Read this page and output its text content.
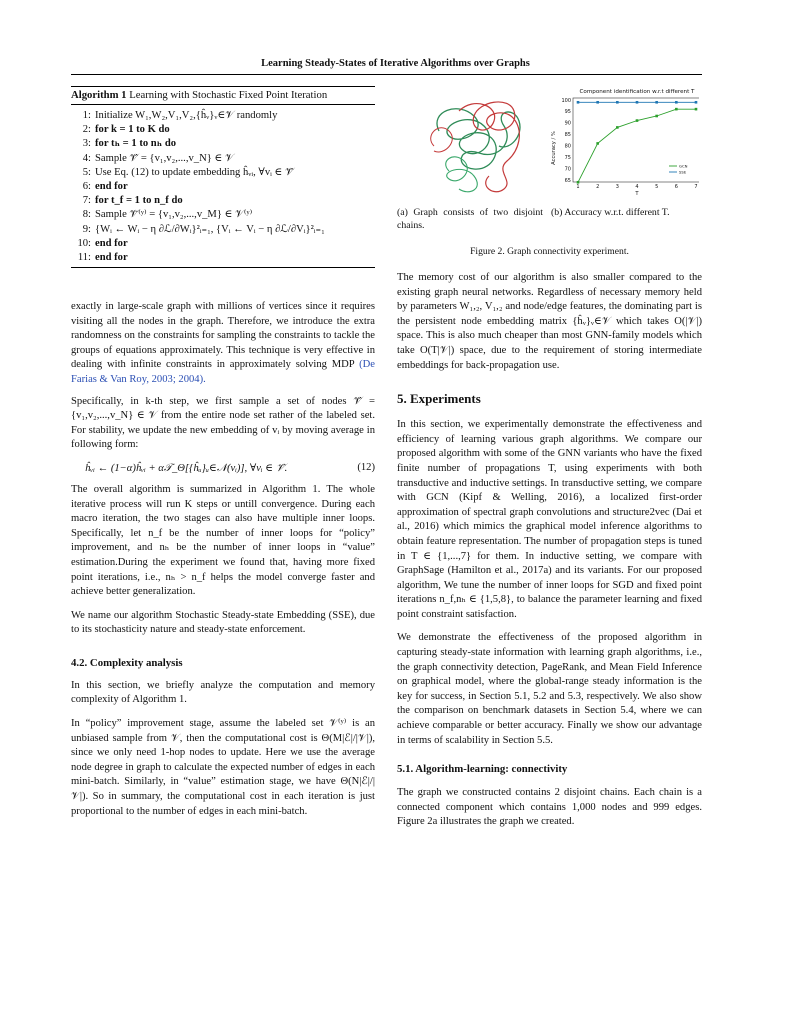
Learning Steady-States of Iterative Algorithms over Graphs
Algorithm 1 Learning with Stochastic Fixed Point Iteration
1: Initialize W₁,W₂,V₁,V₂,{ĥᵥ}ᵥ∈𝒱 randomly
2: for k = 1 to K do
3: for tₕ = 1 to nₕ do
4: Sample 𝒱̂ = {v₁,v₂,...,v_N} ∈ 𝒱
5: Use Eq. (12) to update embedding ĥᵥᵢ, ∀vᵢ ∈ 𝒱̂
6: end for
7: for t_f = 1 to n_f do
8: Sample 𝒱̃⁽ʸ⁾ = {v₁,v₂,...,v_M} ∈ 𝒱⁽ʸ⁾
9: {Wᵢ ← Wᵢ − η ∂ℒ/∂Wᵢ}²ᵢ₌₁, {Vᵢ ← Vᵢ − η ∂ℒ/∂Vᵢ}²ᵢ₌₁
10: end for
11: end for

exactly in large-scale graph with millions of vertices since it requires visiting all the nodes in the graph. Therefore, we introduce the extra randomness on the constraints for sampling the constraints to tackle the groups of equations approximately. This technique is very effective in dealing with infinite constraints in approximately solving MDP (De Farias & Van Roy, 2003; 2004).

Specifically, in k-th step, we first sample a set of nodes 𝒱̂ = {v₁,v₂,...,v_N} ∈ 𝒱 from the entire node set rather of the labeled set. For stability, we update the new embedding of vᵢ by moving average in following form:

ĥᵥᵢ ← (1−α)ĥᵥᵢ + α𝒯_Θ[{ĥᵤ}ᵤ∈𝒩(vᵢ)], ∀vᵢ ∈ 𝒱̂.	(12)

The overall algorithm is summarized in Algorithm 1. The whole iterative process will run K steps or untill convergence. During each macro iteration, the two stages can also have multiple inner loops. Specifically, let n_f be the number of inner loops for “policy” improvement, and nₕ be the number of inner loops in “value” estimation.During the experiment we found that, having more fixed point iterations, i.e., nₕ > n_f helps the model converge faster and achieve better generalization.

We name our algorithm Stochastic Steady-state Embedding (SSE), due to its stochasticity nature and steady-state enforcement.

4.2. Complexity analysis

In this section, we briefly analyze the computation and memory complexity of Algorithm 1.

In “policy” improvement stage, assume the labeled set 𝒱⁽ʸ⁾ is an unbiased sample from 𝒱, then the computational cost is Θ(M|ℰ|/|𝒱|), since we only need 1-hop nodes to update. Here we use the average node degree in graph to calculate the expected number of edges in each mini-batch. Similarly, in “value” estimation stage, we have Θ(N|ℰ|/|𝒱|). So in summary, the computational cost in each iteration is just proportional to the number of edges in each mini-batch.

Component identification w.r.t different T
Accuracy / %
T
65
70
75
80
85
90
95
100
1	2	3	4	5	6	7
GCN
SSE
(a) Graph consists of two disjoint chains.
(b) Accuracy w.r.t. different T.
Figure 2. Graph connectivity experiment.

The memory cost of our algorithm is also smaller compared to the existing graph neural networks. Regardless of necessary memory held by parameters W₁,₂, V₁,₂ and node/edge features, the dominating part is the persistent node embedding matrix {ĥᵥ}ᵥ∈𝒱 which takes O(|𝒱|) space. This is also much cheaper than most GNN-family models which take O(T|𝒱|) space, due to the requirement of storing intermediate embeddings for back-propagation use.

5. Experiments

In this section, we experimentally demonstrate the effectiveness and efficiency of learning various graph algorithms. We compare our proposed algorithm with some of the GNN variants who have the fixed finite number of propagations T, using experiments with both transductive and inductive settings. In transductive setting, we compare with GCN (Kipf & Welling, 2016), a localized first-order approximation of spectral graph convolutions and structure2vec (Dai et al., 2016) which mimics the graphical model inference algorithms to obtain feature representation. The number of propagation steps is tuned in T ∈ {1,...,7} for them. In inductive setting, we compare with GraphSage (Hamilton et al., 2017a) and its variants. For our proposed algorithm, We tune the number of inner loops for SGD and fixed point iterations n_f,nₕ ∈ {1,5,8}, to balance the parameter learning and fixed point constraint satisfaction.

We demonstrate the effectiveness of the proposed algorithm in capturing steady-state information with learning graph algorithms, i.e., the graph connectivity detection, PageRank, and Mean Field Inference on graphical model, where the global-range steady information is the key for success, in Section 5.1, 5.2 and 5.3, respectively. We also show the comparison on benchmark datasets in Section 5.4, where we can achieve comparable or better accuracy. Finally we show our advantage in terms of scalability in Section 5.5.

5.1. Algorithm-learning: connectivity

The graph we constructed contains 2 disjoint chains. Each chain is a connected component which contains 1,000 nodes and 999 edges. Figure 2a illustrates the graph we created.
